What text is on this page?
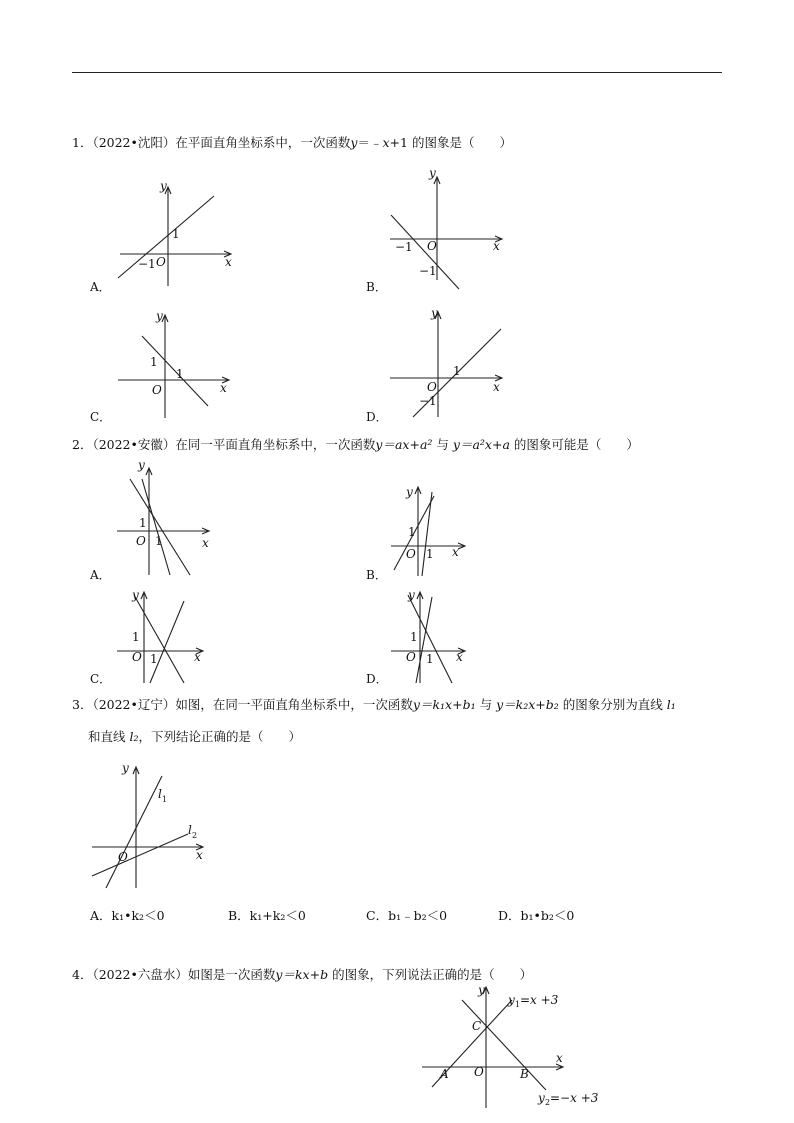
1．（2022•沈阳）在平面直角坐标系中，一次函数y＝﹣x+1 的图象是（　　）
A．
y
x
O
1
−1
B．
y
x
O
−1
−1
C．
y
x
O
1
1
D．
y
x
O
1
−1
2．（2022•安徽）在同一平面直角坐标系中，一次函数y＝ax+a² 与 y＝a²x+a 的图象可能是（　　）
A．
y
x
O
1
1
B．
y
x
O
1
1
C．
y
x
O
1
1
D．
y
x
O
1
1
3．（2022•辽宁）如图，在同一平面直角坐标系中，一次函数y＝k₁x+b₁ 与 y＝k₂x+b₂ 的图象分别为直线 l₁
和直线 l₂，下列结论正确的是（　　）
y
x
O
l 1
l 2
A．k₁•k₂＜0	B．k₁+k₂＜0	C．b₁﹣b₂＜0	D．b₁•b₂＜0
4．（2022•六盘水）如图是一次函数y＝kx+b 的图象，下列说法正确的是（　　）
y
x
O
A	B
C
y 1 =x +3
y 2 =−x +3
